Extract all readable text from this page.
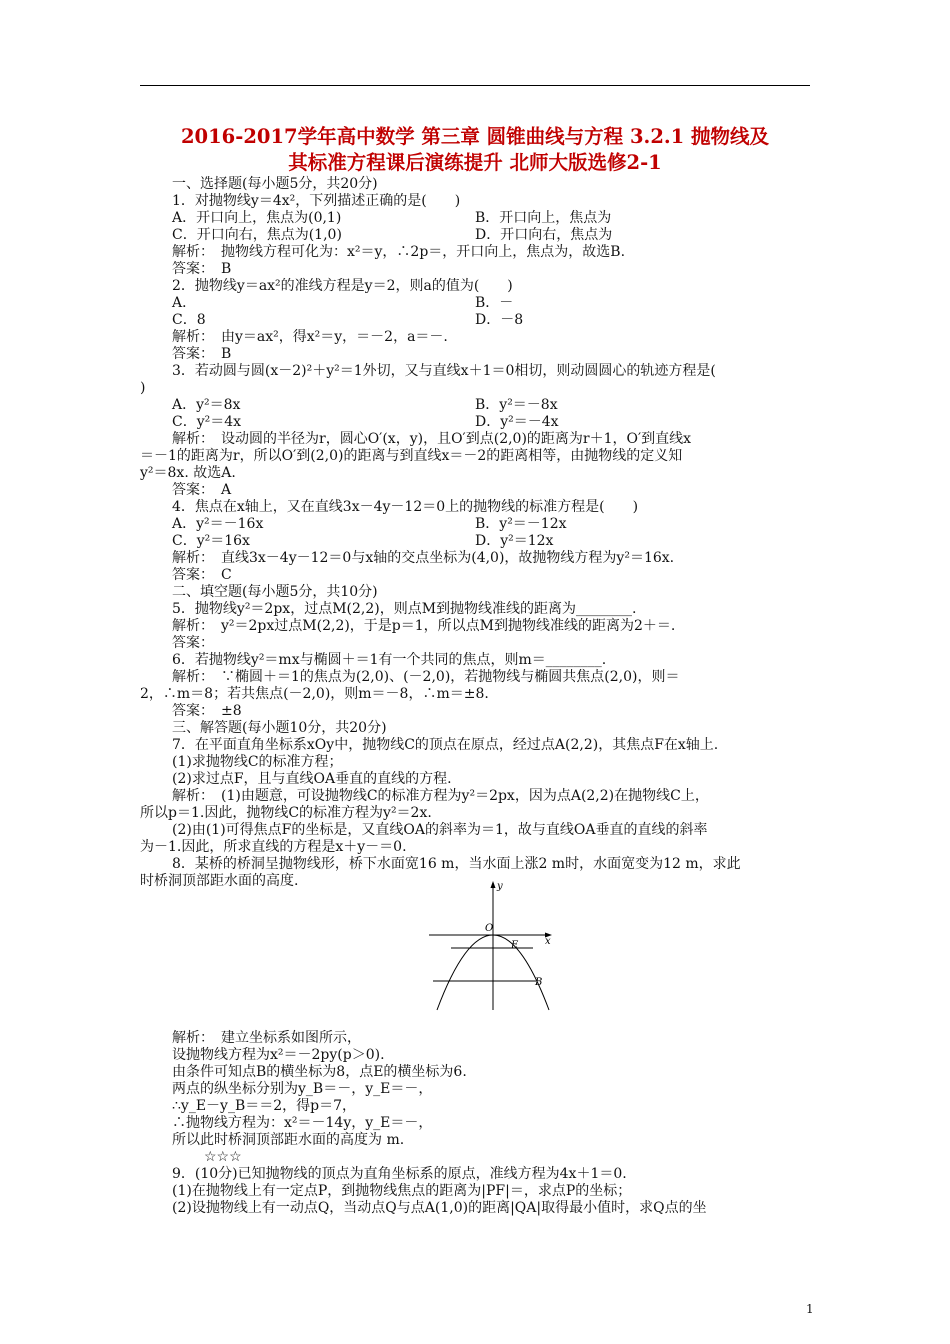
2016-2017学年高中数学 第三章 圆锥曲线与方程 3.2.1 抛物线及
其标准方程课后演练提升 北师大版选修2-1
一、选择题(每小题5分，共20分)
1．对抛物线y＝4x²，下列描述正确的是(　　)
A．开口向上，焦点为(0,1)	B．开口向上，焦点为
C．开口向右，焦点为(1,0)	D．开口向右，焦点为
解析：　抛物线方程可化为：x²＝y，∴2p＝，开口向上，焦点为，故选B.
答案：　B
2．抛物线y＝ax²的准线方程是y＝2，则a的值为(　　)
A．	B．－
C．8	D．－8
解析：　由y＝ax²，得x²＝y，＝－2，a＝－.
答案：　B
3．若动圆与圆(x－2)²＋y²＝1外切，又与直线x＋1＝0相切，则动圆圆心的轨迹方程是(
)
A．y²＝8x	B．y²＝－8x
C．y²＝4x	D．y²＝－4x
解析：　设动圆的半径为r，圆心O′(x，y)，且O′到点(2,0)的距离为r＋1，O′到直线x
＝－1的距离为r，所以O′到(2,0)的距离与到直线x＝－2的距离相等，由抛物线的定义知
y²＝8x. 故选A.
答案：　A
4．焦点在x轴上，又在直线3x－4y－12＝0上的抛物线的标准方程是(　　)
A．y²＝－16x	B．y²＝－12x
C．y²＝16x	D．y²＝12x
解析：　直线3x－4y－12＝0与x轴的交点坐标为(4,0)，故抛物线方程为y²＝16x.
答案：　C
二、填空题(每小题5分，共10分)
5．抛物线y²＝2px，过点M(2,2)，则点M到抛物线准线的距离为________.
解析：　y²＝2px过点M(2,2)，于是p＝1，所以点M到抛物线准线的距离为2＋＝.
答案：
6．若抛物线y²＝mx与椭圆＋＝1有一个共同的焦点，则m＝________.
解析：　∵椭圆＋＝1的焦点为(2,0)、(－2,0)，若抛物线与椭圆共焦点(2,0)，则＝
2，∴m＝8；若共焦点(－2,0)，则m＝－8，∴m＝±8.
答案：　±8
三、解答题(每小题10分，共20分)
7．在平面直角坐标系xOy中，抛物线C的顶点在原点，经过点A(2,2)，其焦点F在x轴上.
(1)求抛物线C的标准方程；
(2)求过点F，且与直线OA垂直的直线的方程.
解析：　(1)由题意，可设抛物线C的标准方程为y²＝2px，因为点A(2,2)在抛物线C上，
所以p＝1.因此，抛物线C的标准方程为y²＝2x.
(2)由(1)可得焦点F的坐标是，又直线OA的斜率为＝1，故与直线OA垂直的直线的斜率
为－1.因此，所求直线的方程是x＋y－＝0.
8．某桥的桥洞呈抛物线形，桥下水面宽16 m，当水面上涨2 m时，水面宽变为12 m，求此
时桥洞顶部距水面的高度.
解析：　建立坐标系如图所示，
设抛物线方程为x²＝－2py(p＞0).
由条件可知点B的横坐标为8，点E的横坐标为6.
两点的纵坐标分别为y_B＝－，y_E＝－，
∴y_E－y_B＝＝2，得p＝7，
∴抛物线方程为：x²＝－14y，y_E＝－，
所以此时桥洞顶部距水面的高度为 m.
☆☆☆
9．(10分)已知抛物线的顶点为直角坐标系的原点，准线方程为4x＋1＝0.
(1)在抛物线上有一定点P，到抛物线焦点的距离为|PF|＝，求点P的坐标；
(2)设抛物线上有一动点Q，当动点Q与点A(1,0)的距离|QA|取得最小值时，求Q点的坐
y
x
O
E
B
1
